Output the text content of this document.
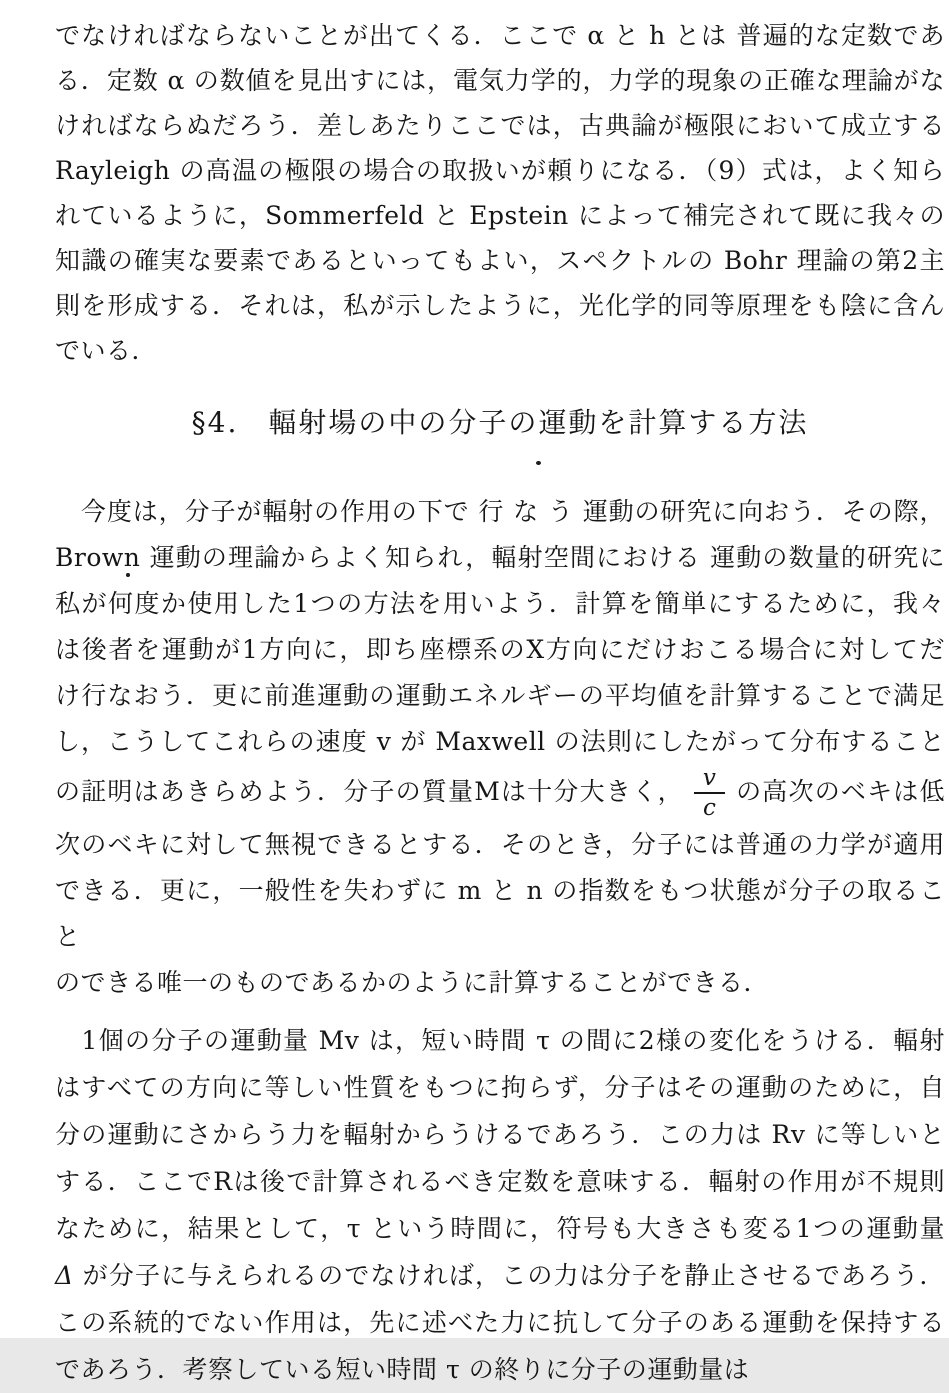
でなければならないことが出てくる．ここで α と h とは 普遍的な定数であ
る．定数 α の数値を見出すには，電気力学的，力学的現象の正確な理論がな
ければならぬだろう．差しあたりここでは，古典論が極限において成立する
Rayleigh の高温の極限の場合の取扱いが頼りになる．（9）式は，よく知ら
れているように，Sommerfeld と Epstein によって補完されて既に我々の
知識の確実な要素であるといってもよい，スペクトルの Bohr 理論の第2主
則を形成する．それは，私が示したように，光化学的同等原理をも陰に含ん
でいる．
§4.　輻射場の中の分子の運動を計算する方法
　今度は，分子が輻射の作用の下で 行 な う 運動の研究に向おう．その際，
Brown 運動の理論からよく知られ，輻射空間における 運動の数量的研究に
私が何度か使用した1つの方法を用いよう．計算を簡単にするために，我々
は後者を運動が1方向に，即ち座標系のX方向にだけおこる場合に対してだ
け行なおう．更に前進運動の運動エネルギーの平均値を計算することで満足
し，こうしてこれらの速度 v が Maxwell の法則にしたがって分布すること
の証明はあきらめよう．分子の質量Mは十分大きく， $\frac{v}{c}$ の高次のベキは低
次のベキに対して無視できるとする．そのとき，分子には普通の力学が適用
できる．更に，一般性を失わずに m と n の指数をもつ状態が分子の取ること
のできる唯一のものであるかのように計算することができる．
　1個の分子の運動量 Mv は，短い時間 τ の間に2様の変化をうける．輻射
はすべての方向に等しい性質をもつに拘らず，分子はその運動のために，自
分の運動にさからう力を輻射からうけるであろう．この力は Rv に等しいと
する．ここでRは後で計算されるべき定数を意味する．輻射の作用が不規則
なために，結果として，τ という時間に，符号も大きさも変る1つの運動量
Δ が分子に与えられるのでなければ，この力は分子を静止させるであろう．
この系統的でない作用は，先に述べた力に抗して分子のある運動を保持する
であろう．考察している短い時間 τ の終りに分子の運動量は
